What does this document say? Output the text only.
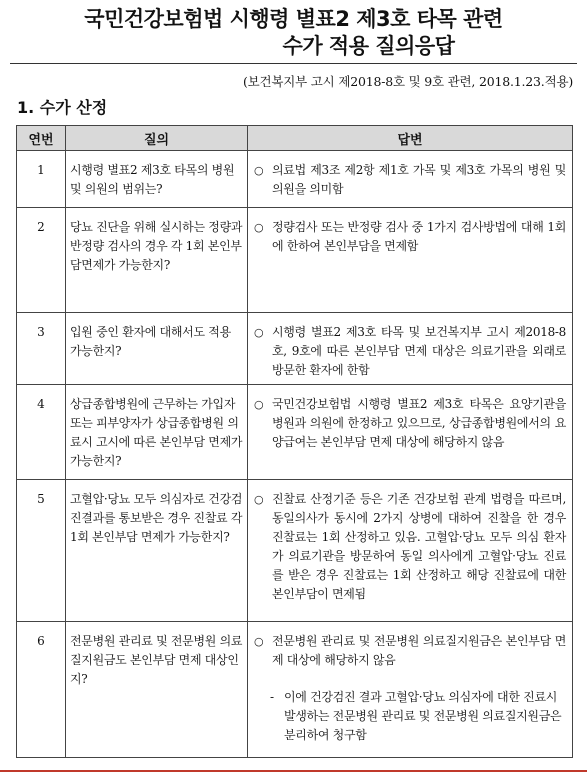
국민건강보험법 시행령 별표2 제3호 타목 관련
수가 적용 질의응답
(보건복지부 고시 제2018-8호 및 9호 관련, 2018.1.23.적용)
1. 수가 산정
연번	질의	답변
1	시행령 별표2 제3호 타목의 병원 및 의원의 범위는?	○ 의료법 제3조 제2항 제1호 가목 및 제3호 가목의 병원 및 의원을 의미함

2	당뇨 진단을 위해 실시하는 정량과 반정량 검사의 경우 각 1회 본인부담면제가 가능한지?	○ 정량검사 또는 반정량 검사 중 1가지 검사방법에 대해 1회에 한하여 본인부담을 면제함

3	입원 중인 환자에 대해서도 적용 가능한지?	○ 시행령 별표2 제3호 타목 및 보건복지부 고시 제2018-8호, 9호에 따른 본인부담 면제 대상은 의료기관을 외래로 방문한 환자에 한함

4	상급종합병원에 근무하는 가입자 또는 피부양자가 상급종합병원 의료시 고시에 따른 본인부담 면제가 가능한지?	○ 국민건강보험법 시행령 별표2 제3호 타목은 요양기관을 병원과 의원에 한정하고 있으므로, 상급종합병원에서의 요양급여는 본인부담 면제 대상에 해당하지 않음

5	고혈압·당뇨 모두 의심자로 건강검진결과를 통보받은 경우 진찰료 각 1회 본인부담 면제가 가능한지?	○ 진찰료 산정기준 등은 기존 건강보험 관계 법령을 따르며, 동일의사가 동시에 2가지 상병에 대하여 진찰을 한 경우 진찰료는 1회 산정하고 있음. 고혈압·당뇨 모두 의심 환자가 의료기관을 방문하여 동일 의사에게 고혈압·당뇨 진료를 받은 경우 진찰료는 1회 산정하고 해당 진찰료에 대한 본인부담이 면제됨

6	전문병원 관리료 및 전문병원 의료질지원금도 본인부담 면제 대상인지?	○ 전문병원 관리료 및 전문병원 의료질지원금은 본인부담 면제 대상에 해당하지 않음
- 이에 건강검진 결과 고혈압·당뇨 의심자에 대한 진료시 발생하는 전문병원 관리료 및 전문병원 의료질지원금은 분리하여 청구함
